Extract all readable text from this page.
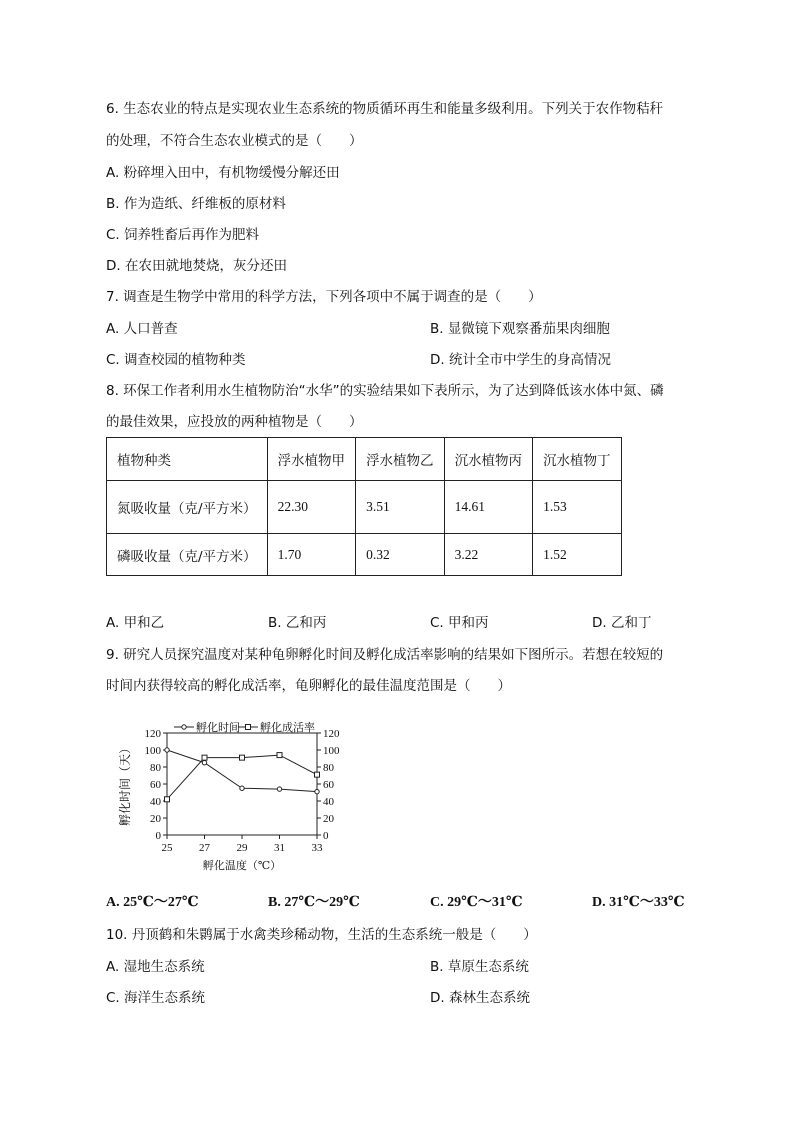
6. 生态农业的特点是实现农业生态系统的物质循环再生和能量多级利用。下列关于农作物秸秆
的处理，不符合生态农业模式的是（　　）
A. 粉碎埋入田中，有机物缓慢分解还田
B. 作为造纸、纤维板的原材料
C. 饲养牲畜后再作为肥料
D. 在农田就地焚烧，灰分还田
7. 调查是生物学中常用的科学方法，下列各项中不属于调查的是（　　）
A. 人口普查	B. 显微镜下观察番茄果肉细胞
C. 调查校园的植物种类	D. 统计全市中学生的身高情况
8. 环保工作者利用水生植物防治“水华”的实验结果如下表所示，为了达到降低该水体中氮、磷
的最佳效果，应投放的两种植物是（　　）
植物种类	浮水植物甲	浮水植物乙	沉水植物丙	沉水植物丁
氮吸收量（克/平方米）	22.30	3.51	14.61	1.53
磷吸收量（克/平方米）	1.70	0.32	3.22	1.52
A. 甲和乙	B. 乙和丙	C. 甲和丙	D. 乙和丁
9. 研究人员探究温度对某种龟卵孵化时间及孵化成活率影响的结果如下图所示。若想在较短的
时间内获得较高的孵化成活率，龟卵孵化的最佳温度范围是（　　）
0	0
20	20
40	40
60	60
80	80
100	100
120	120
25 27 29 31 33
孵化温度（℃）
孵化时间（天）
孵化时间 孵化成活率
A. 25℃～27℃	B. 27℃～29℃	C. 29℃～31℃	D. 31℃～33℃
10. 丹顶鹤和朱鹮属于水禽类珍稀动物，生活的生态系统一般是（　　）
A. 湿地生态系统	B. 草原生态系统
C. 海洋生态系统	D. 森林生态系统
